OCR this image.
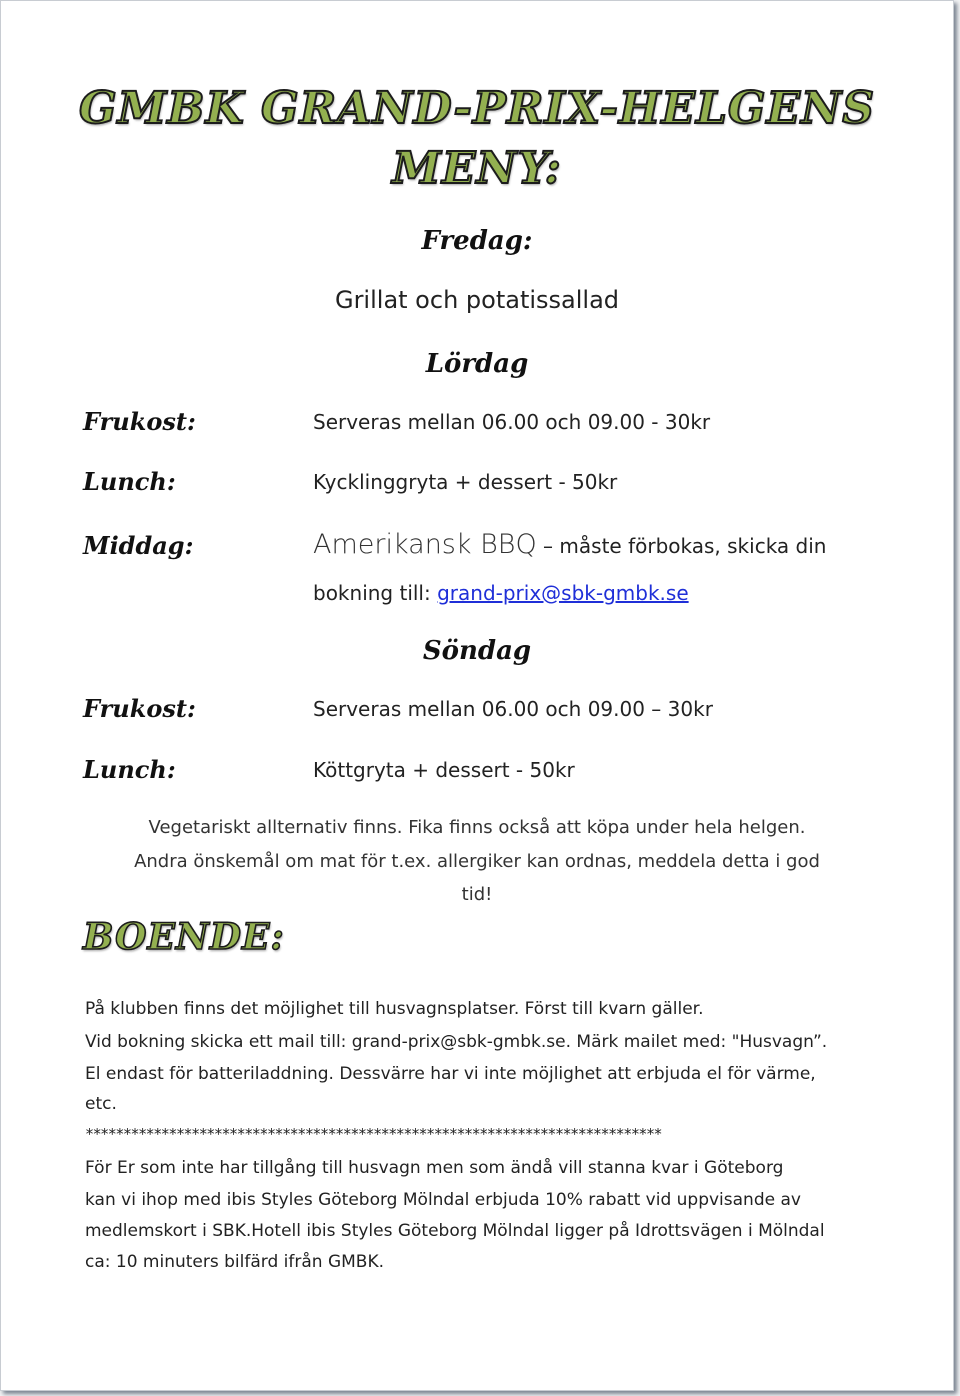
GMBK GRAND-PRIX-HELGENS
MENY:
Fredag:
Grillat och potatissallad
Lördag
Frukost:	Serveras mellan 06.00 och 09.00 - 30kr
Lunch:	Kycklinggryta + dessert - 50kr
Middag:	Amerikansk BBQ – måste förbokas, skicka din
bokning till: grand-prix@sbk-gmbk.se
Söndag
Frukost:	Serveras mellan 06.00 och 09.00 – 30kr
Lunch:	Köttgryta + dessert - 50kr
Vegetariskt allternativ finns. Fika finns också att köpa under hela helgen.
Andra önskemål om mat för t.ex. allergiker kan ordnas, meddela detta i god
tid!
BOENDE:
På klubben finns det möjlighet till husvagnsplatser. Först till kvarn gäller.
Vid bokning skicka ett mail till: grand-prix@sbk-gmbk.se. Märk mailet med: "Husvagn”.
El endast för batteriladdning. Dessvärre har vi inte möjlighet att erbjuda el för värme,
etc.
****************************************************************************
För Er som inte har tillgång till husvagn men som ändå vill stanna kvar i Göteborg
kan vi ihop med ibis Styles Göteborg Mölndal erbjuda 10% rabatt vid uppvisande av
medlemskort i SBK.Hotell ibis Styles Göteborg Mölndal ligger på Idrottsvägen i Mölndal
ca: 10 minuters bilfärd ifrån GMBK.
